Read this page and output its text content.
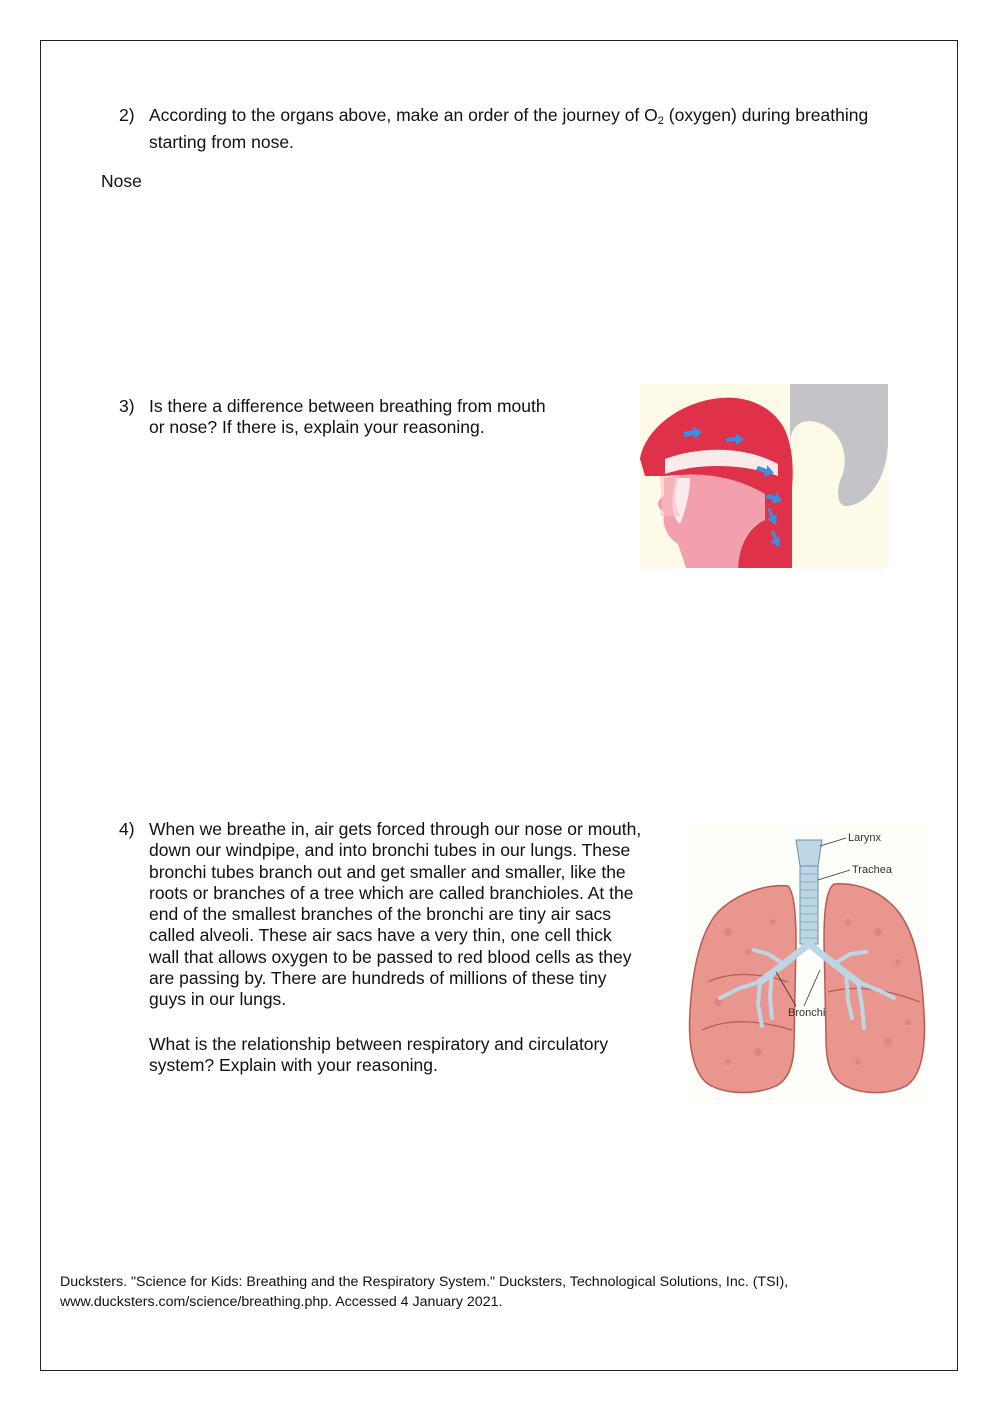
2) According to the organs above, make an order of the journey of $O_2$ (oxygen) during breathing
starting from nose.
Nose
3) Is there a difference between breathing from mouth
or nose? If there is, explain your reasoning.
4) When we breathe in, air gets forced through our nose or mouth,
down our windpipe, and into bronchi tubes in our lungs. These
bronchi tubes branch out and get smaller and smaller, like the
roots or branches of a tree which are called branchioles. At the
end of the smallest branches of the bronchi are tiny air sacs
called alveoli. These air sacs have a very thin, one cell thick
wall that allows oxygen to be passed to red blood cells as they
are passing by. There are hundreds of millions of these tiny
guys in our lungs.
What is the relationship between respiratory and circulatory
system? Explain with your reasoning.
Larynx
Trachea
Bronchi
Ducksters. "Science for Kids: Breathing and the Respiratory System." Ducksters, Technological Solutions, Inc. (TSI),
www.ducksters.com/science/breathing.php. Accessed 4 January 2021.
